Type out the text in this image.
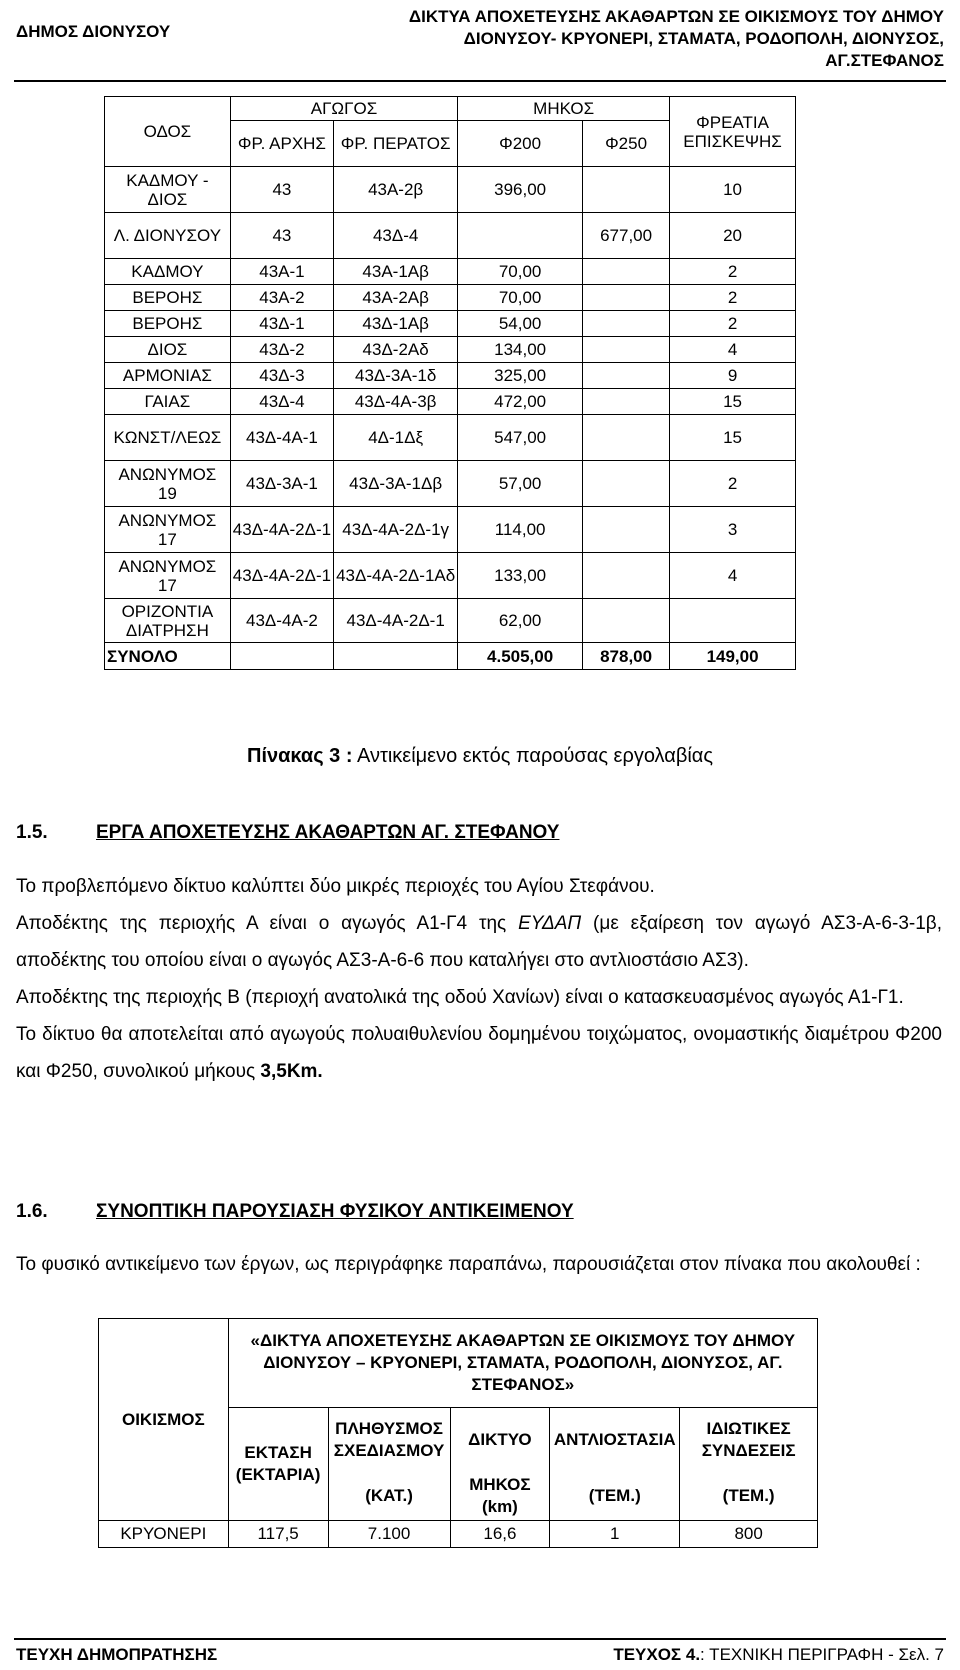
ΔΗΜΟΣ ΔΙΟΝΥΣΟΥ
ΔΙΚΤΥΑ ΑΠΟΧΕΤΕΥΣΗΣ ΑΚΑΘΑΡΤΩΝ ΣΕ ΟΙΚΙΣΜΟΥΣ ΤΟΥ ΔΗΜΟΥ
ΔΙΟΝΥΣΟΥ- ΚΡΥΟΝΕΡΙ, ΣΤΑΜΑΤΑ, ΡΟΔΟΠΟΛΗ, ΔΙΟΝΥΣΟΣ,
ΑΓ.ΣΤΕΦΑΝΟΣ
ΟΔΟΣ	ΑΓΩΓΟΣ		ΜΗΚΟΣ		ΦΡΕΑΤΙΑ ΕΠΙΣΚΕΨΗΣ
	ΦΡ. ΑΡΧΗΣ	ΦΡ. ΠΕΡΑΤΟΣ	Φ200	Φ250	
ΚΑΔΜΟΥ - ΔΙΟΣ	43	43Α-2β	396,00		10
Λ. ΔΙΟΝΥΣΟΥ	43	43Δ-4		677,00	20
ΚΑΔΜΟΥ	43Α-1	43Α-1Αβ	70,00		2
ΒΕΡΟΗΣ	43Α-2	43Α-2Αβ	70,00		2
ΒΕΡΟΗΣ	43Δ-1	43Δ-1Αβ	54,00		2
ΔΙΟΣ	43Δ-2	43Δ-2Αδ	134,00		4
ΑΡΜΟΝΙΑΣ	43Δ-3	43Δ-3Α-1δ	325,00		9
ΓΑΙΑΣ	43Δ-4	43Δ-4Α-3β	472,00		15
ΚΩΝΣΤ/ΛΕΩΣ	43Δ-4Α-1	4Δ-1Δξ	547,00		15
ΑΝΩΝΥΜΟΣ 19	43Δ-3Α-1	43Δ-3Α-1Δβ	57,00		2
ΑΝΩΝΥΜΟΣ 17	43Δ-4Α-2Δ-1	43Δ-4Α-2Δ-1γ	114,00		3
ΑΝΩΝΥΜΟΣ 17	43Δ-4Α-2Δ-1	43Δ-4Α-2Δ-1Αδ	133,00		4
ΟΡΙΖΟΝΤΙΑ ΔΙΑΤΡΗΣΗ	43Δ-4Α-2	43Δ-4Α-2Δ-1	62,00		
ΣΥΝΟΛΟ			4.505,00	878,00	149,00
Πίνακας 3 : Αντικείμενο εκτός παρούσας εργολαβίας
1.5.	ΕΡΓΑ ΑΠΟΧΕΤΕΥΣΗΣ ΑΚΑΘΑΡΤΩΝ ΑΓ. ΣΤΕΦΑΝΟΥ

Το προβλεπόμενο δίκτυο καλύπτει δύο μικρές περιοχές του Αγίου Στεφάνου.

Αποδέκτης της περιοχής Α είναι ο αγωγός Α1-Γ4 της ΕΥΔΑΠ (με εξαίρεση τον αγωγό ΑΣ3-Α-6-3-1β, αποδέκτης του οποίου είναι ο αγωγός ΑΣ3-Α-6-6 που καταλήγει στο αντλιοστάσιο ΑΣ3).

Αποδέκτης της περιοχής Β (περιοχή ανατολικά της οδού Χανίων) είναι ο κατασκευασμένος αγωγός Α1-Γ1.

Το δίκτυο θα αποτελείται από αγωγούς πολυαιθυλενίου δομημένου τοιχώματος, ονομαστικής διαμέτρου Φ200 και Φ250, συνολικού μήκους 3,5Km.

1.6.	ΣΥΝΟΠΤΙΚΗ ΠΑΡΟΥΣΙΑΣΗ ΦΥΣΙΚΟΥ ΑΝΤΙΚΕΙΜΕΝΟΥ

Το φυσικό αντικείμενο των έργων, ως περιγράφηκε παραπάνω, παρουσιάζεται στον πίνακα που ακολουθεί :

ΟΙΚΙΣΜΟΣ	«ΔΙΚΤΥΑ ΑΠΟΧΕΤΕΥΣΗΣ ΑΚΑΘΑΡΤΩΝ ΣΕ ΟΙΚΙΣΜΟΥΣ ΤΟΥ ΔΗΜΟΥ ΔΙΟΝΥΣΟΥ – ΚΡΥΟΝΕΡΙ, ΣΤΑΜΑΤΑ, ΡΟΔΟΠΟΛΗ, ΔΙΟΝΥΣΟΣ, ΑΓ. ΣΤΕΦΑΝΟΣ»				
	ΕΚΤΑΣΗ (ΕΚΤΑΡΙΑ)	ΠΛΗΘΥΣΜΟΣ ΣΧΕΔΙΑΣΜΟΥ	ΔΙΚΤΥΟ	ΑΝΤΛΙΟΣΤΑΣΙΑ	ΙΔΙΩΤΙΚΕΣ ΣΥΝΔΕΣΕΙΣ
		(ΚΑΤ.)	ΜΗΚΟΣ (km)	(ΤΕΜ.)	(ΤΕΜ.)
ΚΡΥΟΝΕΡΙ	117,5	7.100	16,6	1	800
ΤΕΥΧΗ ΔΗΜΟΠΡΑΤΗΣΗΣ	ΤΕΥΧΟΣ 4.: ΤΕΧΝΙΚΗ ΠΕΡΙΓΡΑΦΗ - Σελ. 7
